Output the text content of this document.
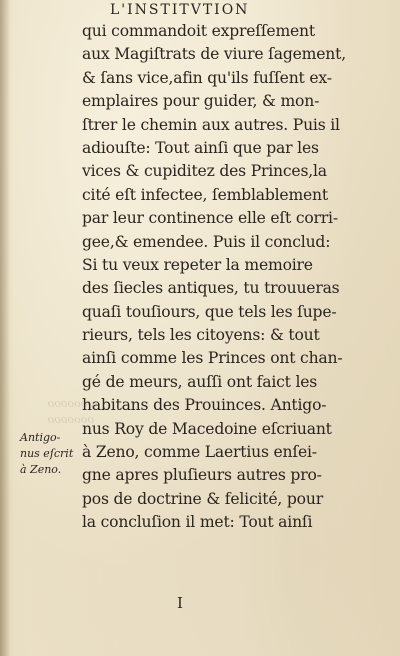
L'INSTITVTION
ooooooo
ooooooo
qui commandoit expreſſement
aux Magiſtrats de viure ſagement,
& ſans vice,afin qu'ils fuſſent ex-
emplaires pour guider, & mon-
ſtrer le chemin aux autres. Puis il
adiouſte: Tout ainſi que par les
vices & cupiditez des Princes,la
cité eſt infectee, ſemblablement
par leur continence elle eſt corri-
gee,& emendee. Puis il conclud:
Si tu veux repeter la memoire
des ſiecles antiques, tu trouueras
quaſi touſiours, que tels les ſupe-
rieurs, tels les citoyens: & tout
ainſi comme les Princes ont chan-
gé de meurs, auſſi ont faict les
habitans des Prouinces. Antigo-
nus Roy de Macedoine eſcriuant
à Zeno, comme Laertius enſei-
gne apres pluſieurs autres pro-
pos de doctrine & felicité, pour
la concluſion il met: Tout ainſi
Antigo-
nus eſcrit
à Zeno.
I
